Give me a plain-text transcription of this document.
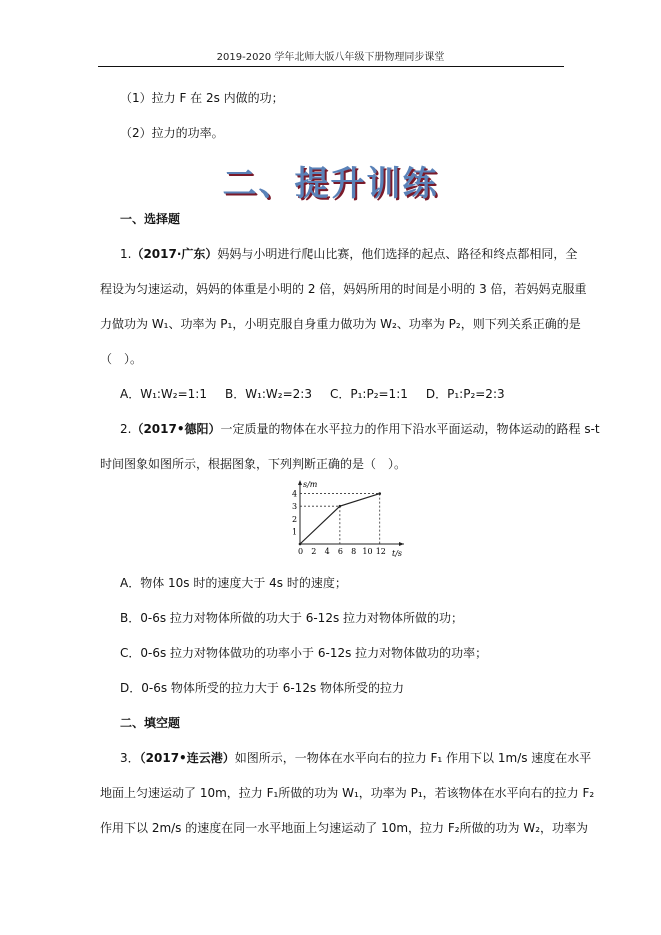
2019-2020 学年北师大版八年级下册物理同步课堂
（1）拉力 F 在 2s 内做的功；
（2）拉力的功率。
二、提升训练
一、选择题
1.（2017·广东）妈妈与小明进行爬山比赛，他们选择的起点、路径和终点都相同，全
程设为匀速运动，妈妈的体重是小明的 2 倍，妈妈所用的时间是小明的 3 倍，若妈妈克服重
力做功为 W₁、功率为 P₁，小明克服自身重力做功为 W₂、功率为 P₂，则下列关系正确的是
（　）。
A．W₁:W₂=1:1 B．W₁:W₂=2:3 C．P₁:P₂=1:1 D．P₁:P₂=2:3
2.（2017•德阳）一定质量的物体在水平拉力的作用下沿水平面运动，物体运动的路程 s-t
时间图象如图所示，根据图象，下列判断正确的是（　）。
s/m
t/s
0 2 4 6 8 10 12
1
2
3
4
A．物体 10s 时的速度大于 4s 时的速度；
B．0-6s 拉力对物体所做的功大于 6-12s 拉力对物体所做的功；
C．0-6s 拉力对物体做功的功率小于 6-12s 拉力对物体做功的功率；
D．0-6s 物体所受的拉力大于 6-12s 物体所受的拉力
二、填空题
3．（2017•连云港）如图所示，一物体在水平向右的拉力 F₁ 作用下以 1m/s 速度在水平
地面上匀速运动了 10m，拉力 F₁所做的功为 W₁，功率为 P₁，若该物体在水平向右的拉力 F₂
作用下以 2m/s 的速度在同一水平地面上匀速运动了 10m，拉力 F₂所做的功为 W₂，功率为
